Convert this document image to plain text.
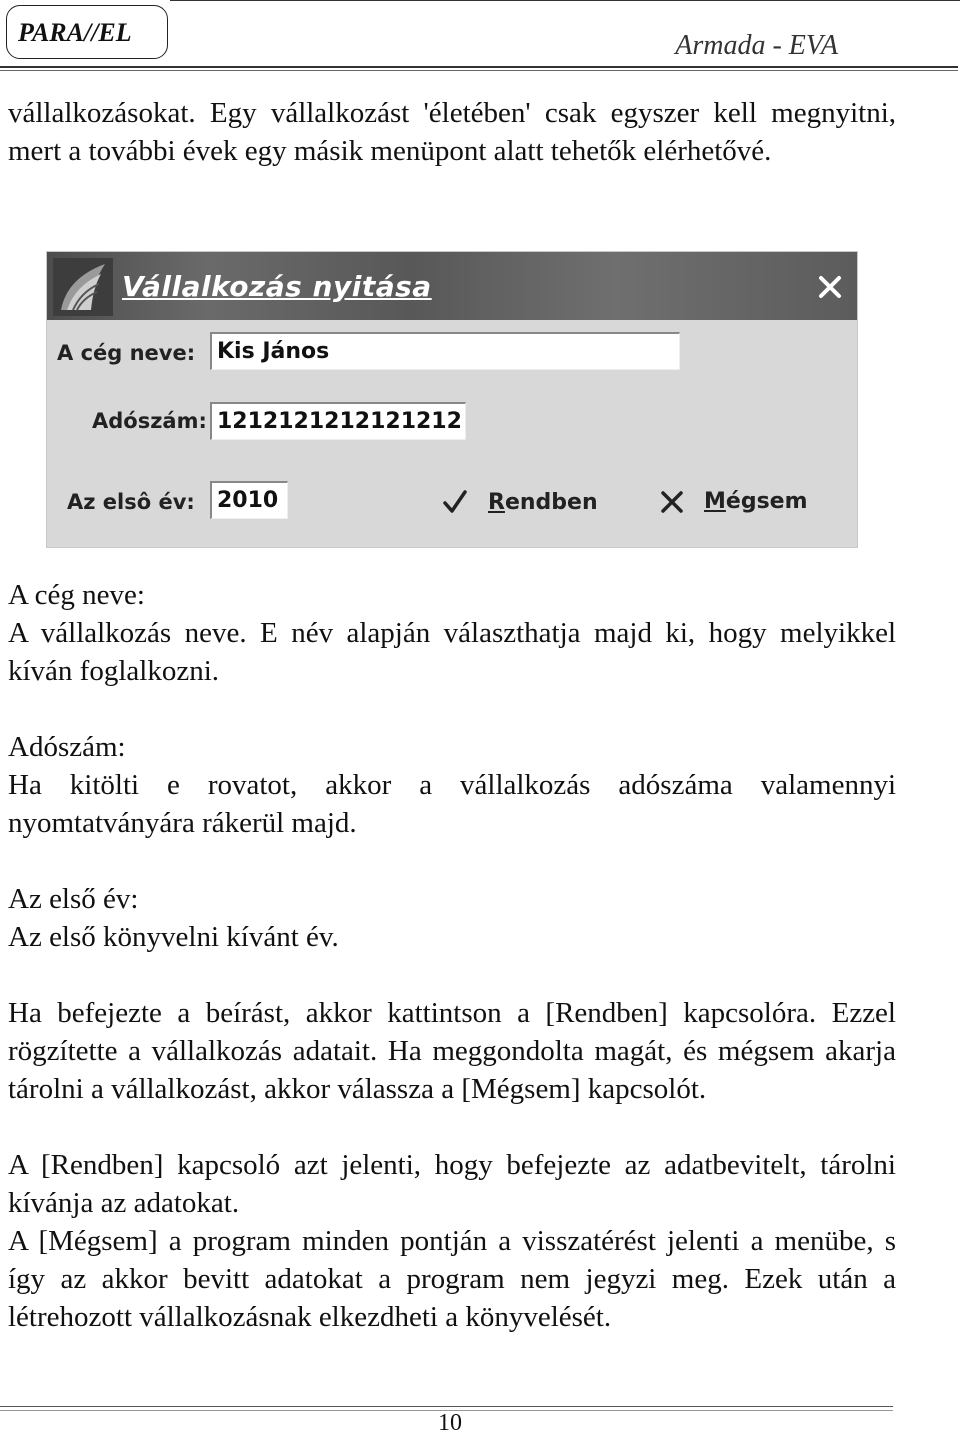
PARA//EL	Armada - EVA

vállalkozásokat. Egy vállalkozást 'életében' csak egyszer kell megnyitni, mert a további évek egy másik menüpont alatt tehetők elérhetővé.

A cég neve:

A vállalkozás neve. E név alapján választhatja majd ki, hogy melyikkel kíván foglalkozni.

Adószám:

Ha kitölti e rovatot, akkor a vállalkozás adószáma valamennyi nyomtatványára rákerül majd.

Az első év:

Az első könyvelni kívánt év.

Ha befejezte a beírást, akkor kattintson a [Rendben] kapcsolóra. Ezzel rögzítette a vállalkozás adatait. Ha meggondolta magát, és mégsem akarja tárolni a vállalkozást, akkor válassza a [Mégsem] kapcsolót.

A [Rendben] kapcsoló azt jelenti, hogy befejezte az adatbevitelt, tárolni kívánja az adatokat.

A [Mégsem] a program minden pontján a visszatérést jelenti a menübe, s így az akkor bevitt adatokat a program nem jegyzi meg. Ezek után a létrehozott vállalkozásnak elkezdheti a könyvelését.

Vállalkozás nyitása
A cég neve:
Kis János
Adószám:
1212121212121212
Az elsô év:
2010	Rendben	Mégsem
10
